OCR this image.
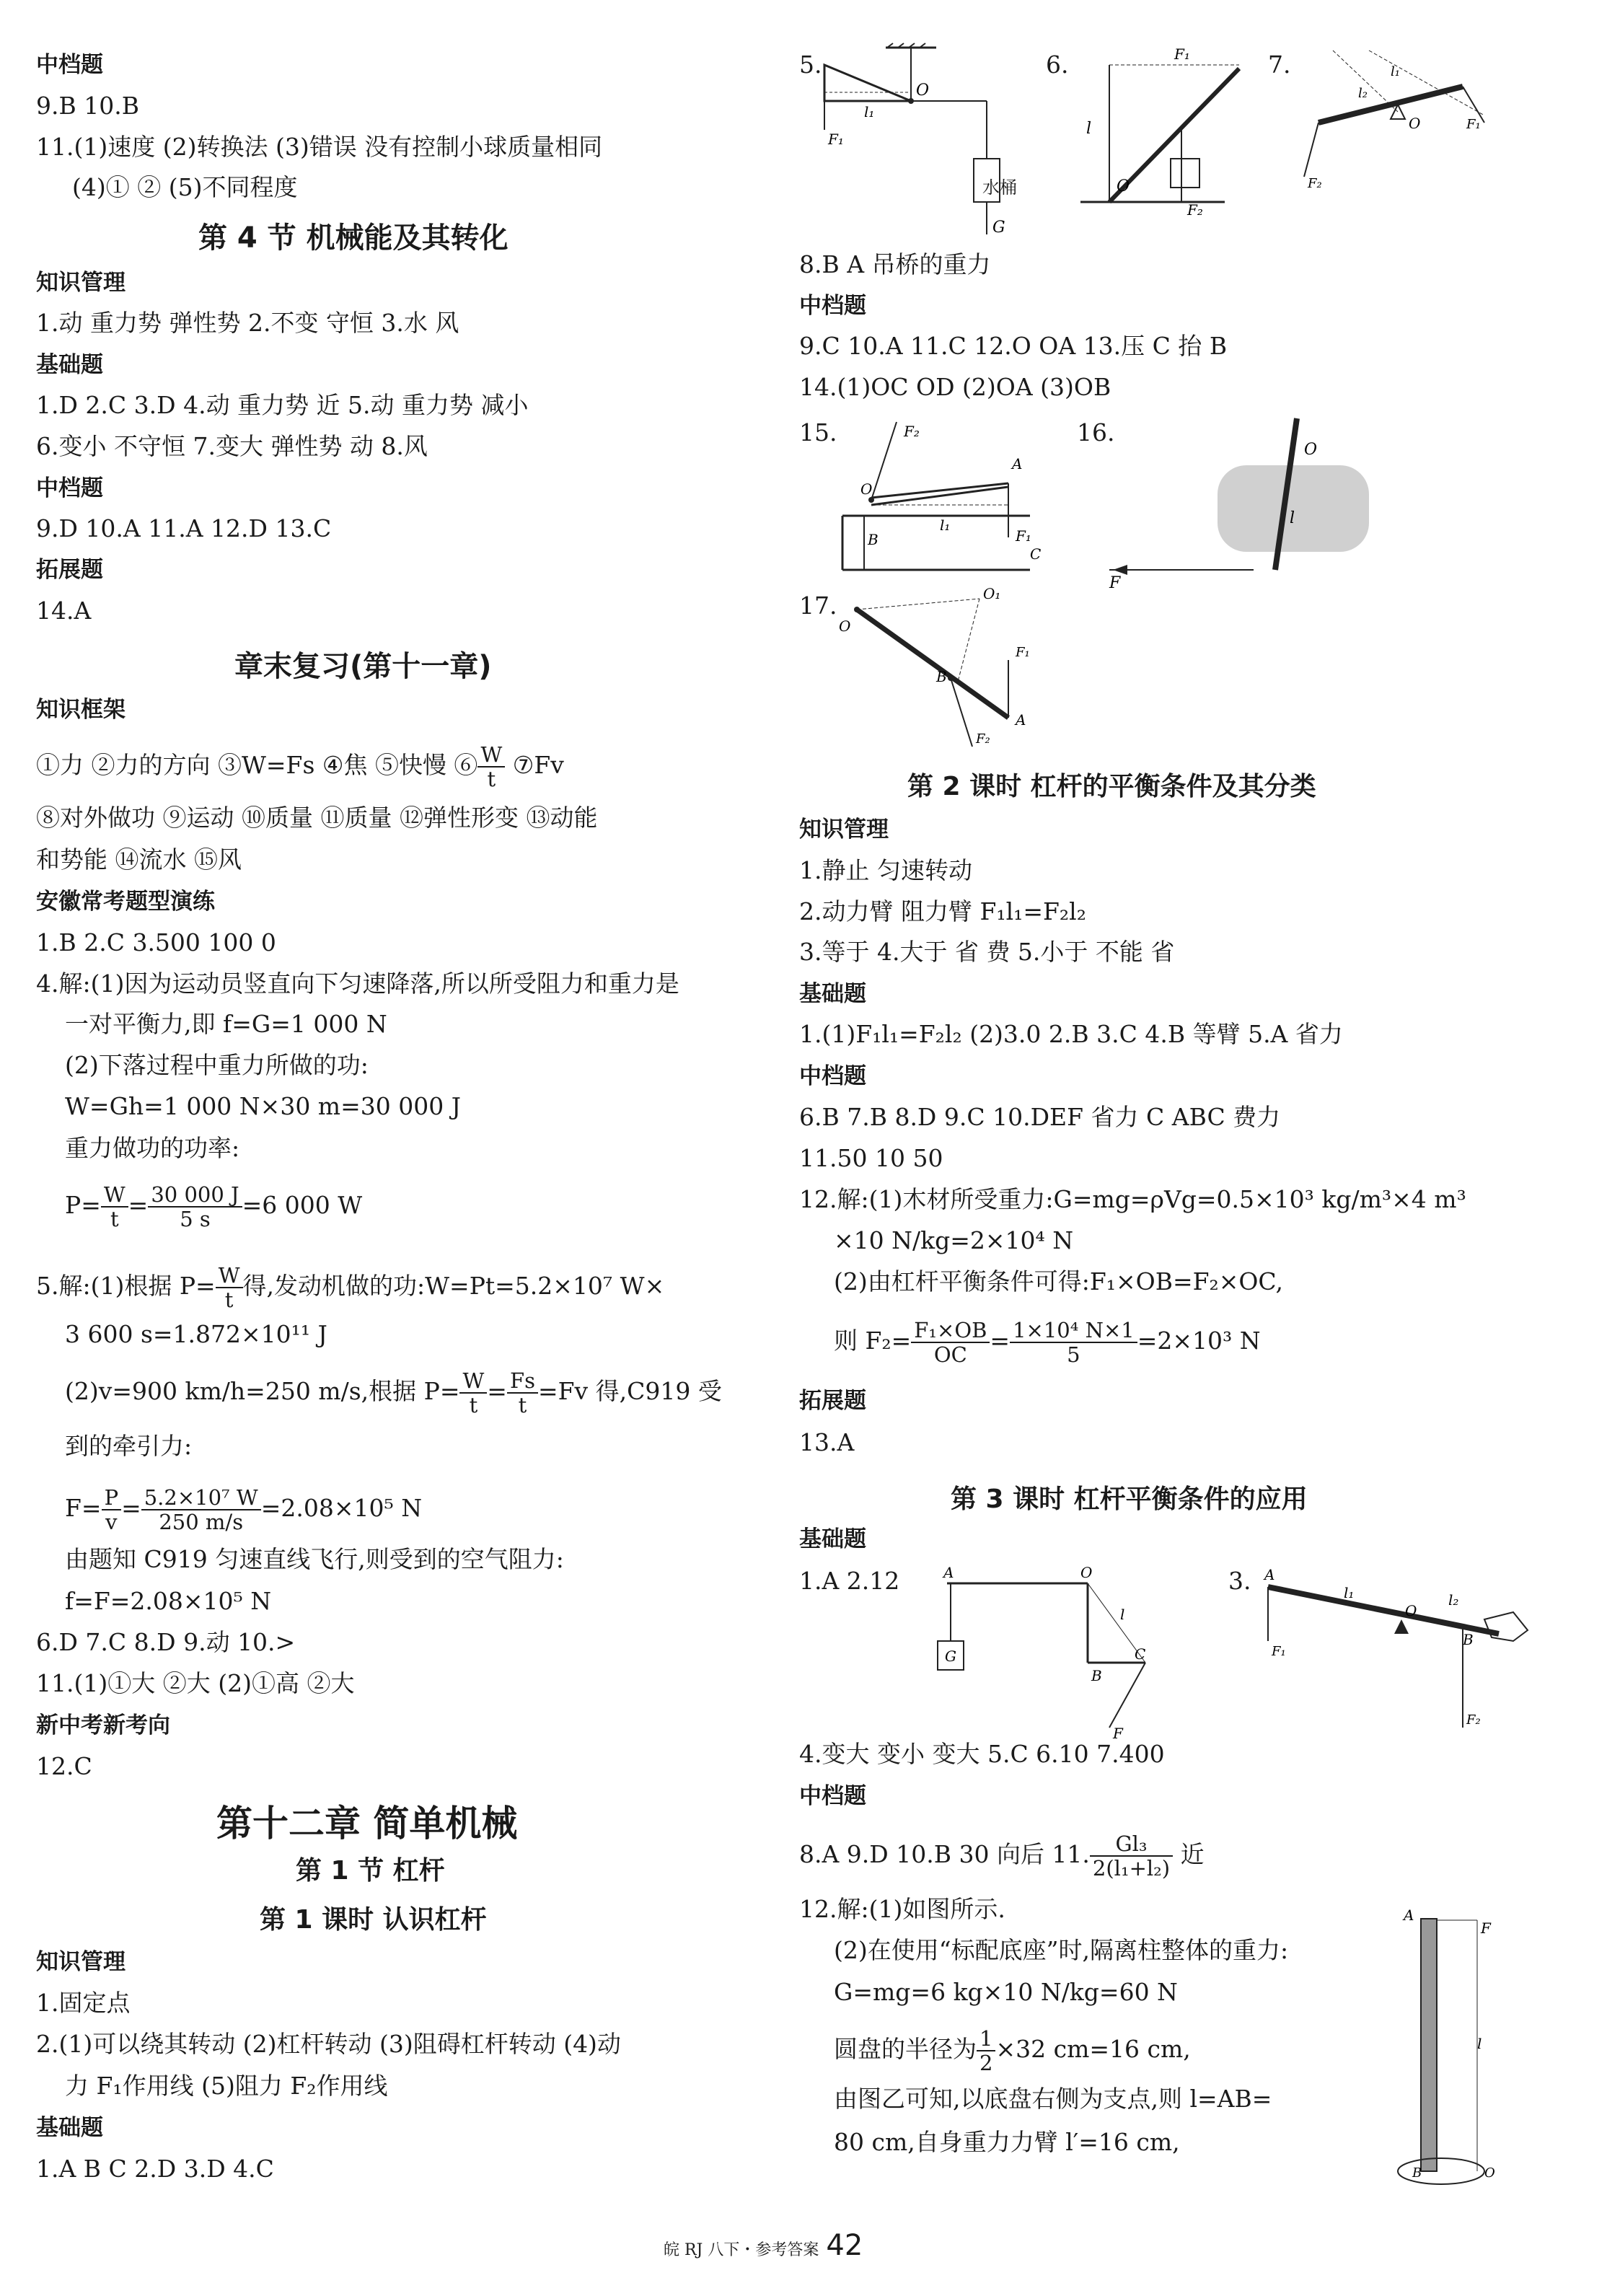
中档题
9.B 10.B
11.(1)速度 (2)转换法 (3)错误 没有控制小球质量相同
(4)① ② (5)不同程度
第 4 节 机械能及其转化
知识管理
1.动 重力势 弹性势 2.不变 守恒 3.水 风
基础题
1.D 2.C 3.D 4.动 重力势 近 5.动 重力势 减小
6.变小 不守恒 7.变大 弹性势 动 8.风
中档题
9.D 10.A 11.A 12.D 13.C
拓展题
14.A
章末复习(第十一章)
知识框架
①力 ②力的方向 ③W=Fs ④焦 ⑤快慢 ⑥ $\frac{W}{t}$ ⑦Fv
⑧对外做功 ⑨运动 ⑩质量 ⑪质量 ⑫弹性形变 ⑬动能
和势能 ⑭流水 ⑮风
安徽常考题型演练
1.B 2.C 3.500 100 0
4.解:(1)因为运动员竖直向下匀速降落,所以所受阻力和重力是
一对平衡力,即 f=G=1 000 N
(2)下落过程中重力所做的功:
W=Gh=1 000 N×30 m=30 000 J
重力做功的功率:
$P= \frac{W}{t} = \frac{30 000 J}{5 s} =6$ 000 W
5.解:(1)根据 $P= \frac{W}{t}$ 得,发动机做的功:W=Pt=5.2×10⁷ W×
3 600 s=1.872×10¹¹ J
(2)v=900 km/h=250 m/s,根据 $P= \frac{W}{t} = \frac{Fs}{t} =Fv$ 得,C919 受
到的牵引力:
$F= \frac{P}{v} = \frac{\text{5.2×10⁷ W}}{250 m/s} =2.08\times 10^5$ N
由题知 C919 匀速直线飞行,则受到的空气阻力:
f=F=2.08×10⁵ N
6.D 7.C 8.D 9.动 10.>
11.(1)①大 ②大 (2)①高 ②大
新中考新考向
12.C
第十二章 简单机械
第 1 节 杠杆
第 1 课时 认识杠杆
知识管理
1.固定点
2.(1)可以绕其转动 (2)杠杆转动 (3)阻碍杠杆转动 (4)动
力 F₁作用线 (5)阻力 F₂作用线
基础题
1.A B C 2.D 3.D 4.C
5.
O
F₁
l₁
G
水桶
6.
O
l
F₁
F₂
7.
O
F₂
F₁
l₂
l₁
8.B A 吊桥的重力
中档题
9.C 10.A 11.C 12.O OA 13.压 C 抬 B
14.(1)OC OD (2)OA (3)OB
15.
O
A
B
C
F₂
l₁
F₁
16.
O
F
l
17.
O
O₁
B
F₂
F₁
A
第 2 课时 杠杆的平衡条件及其分类
知识管理
1.静止 匀速转动
2.动力臂 阻力臂 F₁l₁=F₂l₂
3.等于 4.大于 省 费 5.小于 不能 省
基础题
1.(1)F₁l₁=F₂l₂ (2)3.0 2.B 3.C 4.B 等臂 5.A 省力
中档题
6.B 7.B 8.D 9.C 10.DEF 省力 C ABC 费力
11.50 10 50
12.解:(1)木材所受重力:G=mg=ρVg=0.5×10³ kg/m³×4 m³
×10 N/kg=2×10⁴ N
(2)由杠杆平衡条件可得:F₁×OB=F₂×OC,
则 $F_2= \frac{\text{F₁×OB}}{OC} = \frac{\text{1×10⁴ N×1}}{5} =2\times 10^3$ N
拓展题
13.A
第 3 课时 杠杆平衡条件的应用
基础题
1.A 2.12	A
G
O
B
l
C
F
3. A
O
l₁	l₂
F₁
F₂
B
4.变大 变小 变大 5.C 6.10 7.400
中档题
8.A 9.D 10.B 30 向后 11. $\frac{\text{Gl₃}}{\text{2(l₁+l₂)}}$ 近
12.解:(1)如图所示.
(2)在使用“标配底座”时,隔离柱整体的重力:
G=mg=6 kg×10 N/kg=60 N
圆盘的半径为 $\frac{1}{2} \times 32$ cm=16 cm,
由图乙可知,以底盘右侧为支点,则 l=AB=
80 cm,自身重力力臂 l′=16 cm,
A
F
l
B	O
皖 RJ 八下・参考答案 42
